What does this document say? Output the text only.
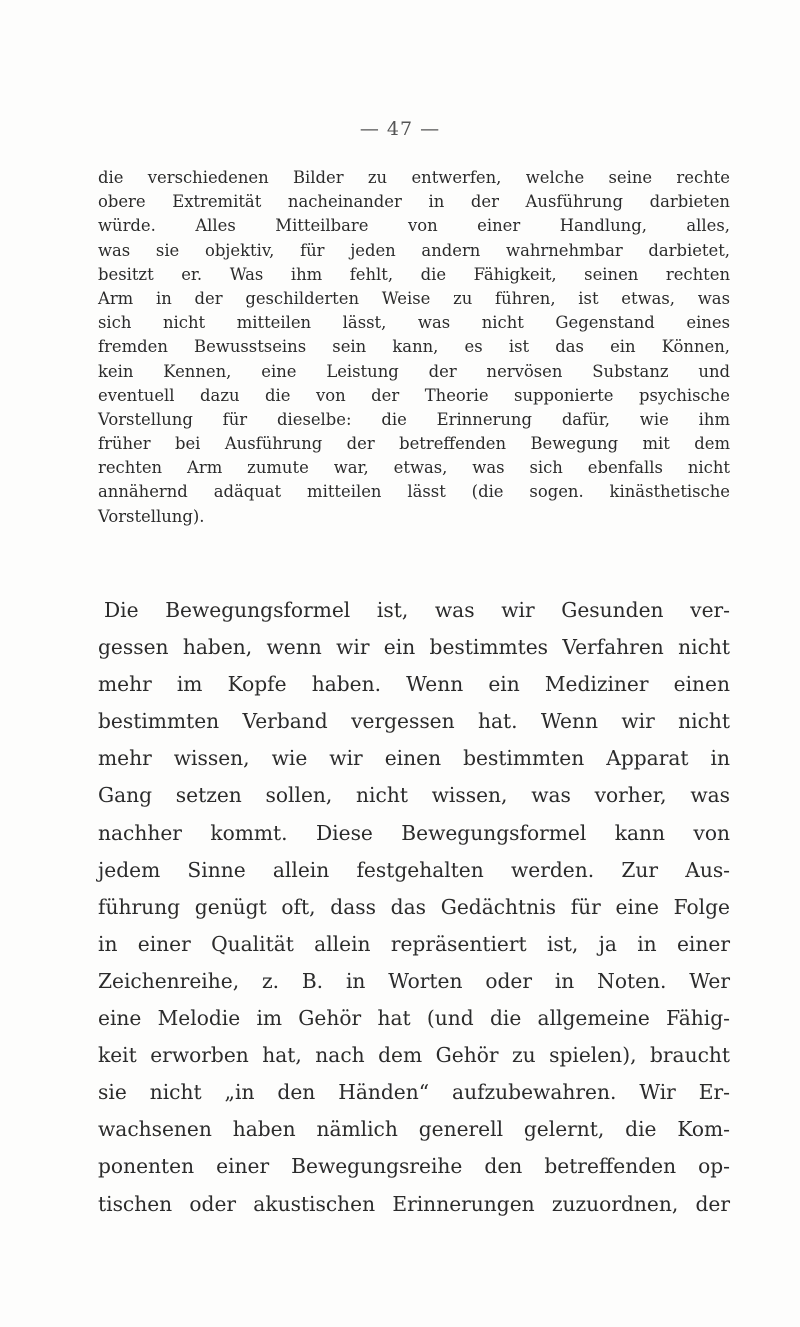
— 47 —
die verschiedenen Bilder zu entwerfen, welche seine rechte
obere Extremität nacheinander in der Ausführung darbieten
würde. Alles Mitteilbare von einer Handlung, alles,
was sie objektiv, für jeden andern wahrnehmbar darbietet,
besitzt er. Was ihm fehlt, die Fähigkeit, seinen rechten
Arm in der geschilderten Weise zu führen, ist etwas, was
sich nicht mitteilen lässt, was nicht Gegenstand eines
fremden Bewusstseins sein kann, es ist das ein Können,
kein Kennen, eine Leistung der nervösen Substanz und
eventuell dazu die von der Theorie supponierte psychische
Vorstellung für dieselbe: die Erinnerung dafür, wie ihm
früher bei Ausführung der betreffenden Bewegung mit dem
rechten Arm zumute war, etwas, was sich ebenfalls nicht
annähernd adäquat mitteilen lässt (die sogen. kinästhetische
Vorstellung).
Die Bewegungsformel ist, was wir Gesunden ver-
gessen haben, wenn wir ein bestimmtes Verfahren nicht
mehr im Kopfe haben. Wenn ein Mediziner einen
bestimmten Verband vergessen hat. Wenn wir nicht
mehr wissen, wie wir einen bestimmten Apparat in
Gang setzen sollen, nicht wissen, was vorher, was
nachher kommt. Diese Bewegungsformel kann von
jedem Sinne allein festgehalten werden. Zur Aus-
führung genügt oft, dass das Gedächtnis für eine Folge
in einer Qualität allein repräsentiert ist, ja in einer
Zeichenreihe, z. B. in Worten oder in Noten. Wer
eine Melodie im Gehör hat (und die allgemeine Fähig-
keit erworben hat, nach dem Gehör zu spielen), braucht
sie nicht „in den Händen“ aufzubewahren. Wir Er-
wachsenen haben nämlich generell gelernt, die Kom-
ponenten einer Bewegungsreihe den betreffenden op-
tischen oder akustischen Erinnerungen zuzuordnen, der
